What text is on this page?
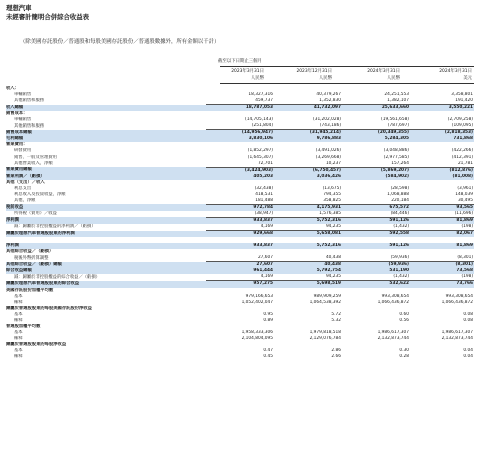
理想汽車
未經審計簡明合併綜合收益表
（除美國存託股份／普通股和每股美國存託股份／普通股數據外，所有金額以千計）
截至以下日期止三個月
2023年3月31日	2023年12月31日	2024年3月31日	2024年3月31日
人民幣	人民幣	人民幣	美元
收入：				
車輛銷售	18,327,316	40,379,267	24,251,553	3,358,801
其他銷售和服務	459,737	1,352,830	1,382,107	191,420
收入總額	18,787,053	41,732,097	25,633,660	3,550,221
銷售成本：				
車輛銷售	(14,705,143)	(31,202,028)	(19,561,658)	(2,709,258)
其他銷售和服務	(251,804)	(743,186)	(787,697)	(109,095)
銷售成本總額	(14,956,947)	(31,945,214)	(20,349,355)	(2,818,353)
毛利總額	3,830,106	9,786,883	5,284,305	731,868
營業費用：				
研發費用	(1,852,297)	(3,491,026)	(3,048,886)	(422,266)
銷售、一般及管理費用	(1,645,307)	(3,269,668)	(2,977,585)	(412,391)
其他營業收入，淨額	72,701	10,237	157,264	21,781
營業費用總額	(3,424,903)	(6,750,457)	(5,869,207)	(812,876)
營業利潤／（虧損）	405,203	3,036,426	(584,902)	(81,008)
其他（支出）／收入				
利息支出	(32,438)	(13,675)	(28,598)	(3,961)
利息收入及投資收益，淨額	418,531	794,355	1,068,888	148,039
其他，淨額	181,488	358,825	220,184	30,495
稅前收益	972,784	4,175,931	675,572	93,565
所得稅（費用）／收益	(38,947)	1,576,385	(84,446)	(11,696)
淨利潤	933,837	5,752,316	591,126	81,869
減：歸屬於非控股權益的淨利潤／（虧損）	4,169	94,235	(1,432)	(198)
歸屬於理想汽車普通股股東的淨利潤	929,668	5,658,081	592,558	82,067

淨利潤	933,837	5,752,316	591,126	81,869
其他綜合收益／（虧損）				
稅後外幣折算調整	27,607	40,438	(59,936)	(8,301)
其他綜合收益／（虧損）總額	27,607	40,438	(59,936)	(8,301)
綜合收益總額	961,444	5,792,754	531,190	73,568
減：歸屬於非控股權益的綜合收益／（虧損）	4,169	94,235	(1,432)	(198)
歸屬於理想汽車普通股股東的綜合收益	957,275	5,698,519	532,622	73,766
美國存託股份加權平均數				
基本	979,166,653	989,909,259	993,308,654	993,308,654
稀釋	1,052,402,047	1,064,538,392	1,066,436,872	1,066,436,872
歸屬於普通股股東的每股美國存託股份淨收益				
基本	0.95	5.72	0.60	0.08
稀釋	0.89	5.32	0.56	0.08
普通股加權平均數				
基本	1,958,333,306	1,979,818,518	1,986,617,307	1,986,617,307
稀釋	2,104,804,095	2,129,076,784	2,132,873,744	2,132,873,744
歸屬於普通股股東的每股淨收益				
基本	0.47	2.86	0.30	0.04
稀釋	0.45	2.66	0.28	0.04
